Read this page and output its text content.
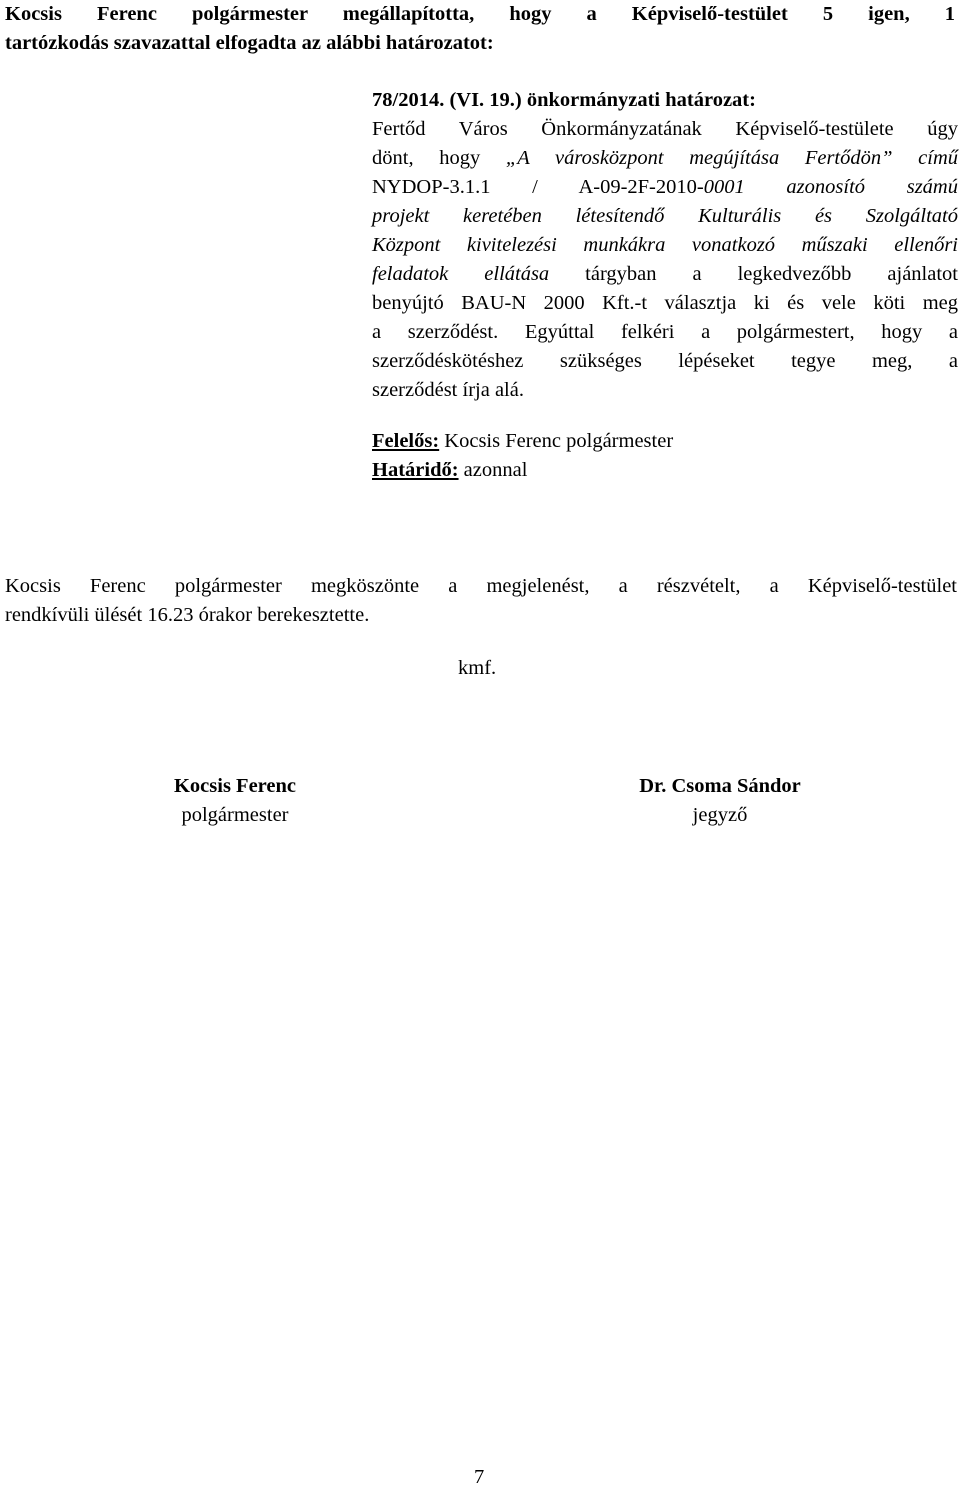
Kocsis Ferenc polgármester megállapította, hogy a Képviselő-testület 5 igen, 1
tartózkodás szavazattal elfogadta az alábbi határozatot:
78/2014. (VI. 19.) önkormányzati határozat:
Fertőd Város Önkormányzatának Képviselő-testülete úgy
dönt, hogy „A városközpont megújítása Fertődön” című
NYDOP-3.1.1 / A-09-2F-2010-0001 azonosító számú
projekt keretében létesítendő Kulturális és Szolgáltató
Központ kivitelezési munkákra vonatkozó műszaki ellenőri
feladatok ellátása tárgyban a legkedvezőbb ajánlatot
benyújtó BAU-N 2000 Kft.-t választja ki és vele köti meg
a szerződést. Egyúttal felkéri a polgármestert, hogy a
szerződéskötéshez szükséges lépéseket tegye meg, a
szerződést írja alá.
Felelős: Kocsis Ferenc polgármester
Határidő: azonnal
Kocsis Ferenc polgármester megköszönte a megjelenést, a részvételt, a Képviselő-testület
rendkívüli ülését 16.23 órakor berekesztette.
kmf.
Kocsis Ferenc
polgármester
Dr. Csoma Sándor
jegyző
7
